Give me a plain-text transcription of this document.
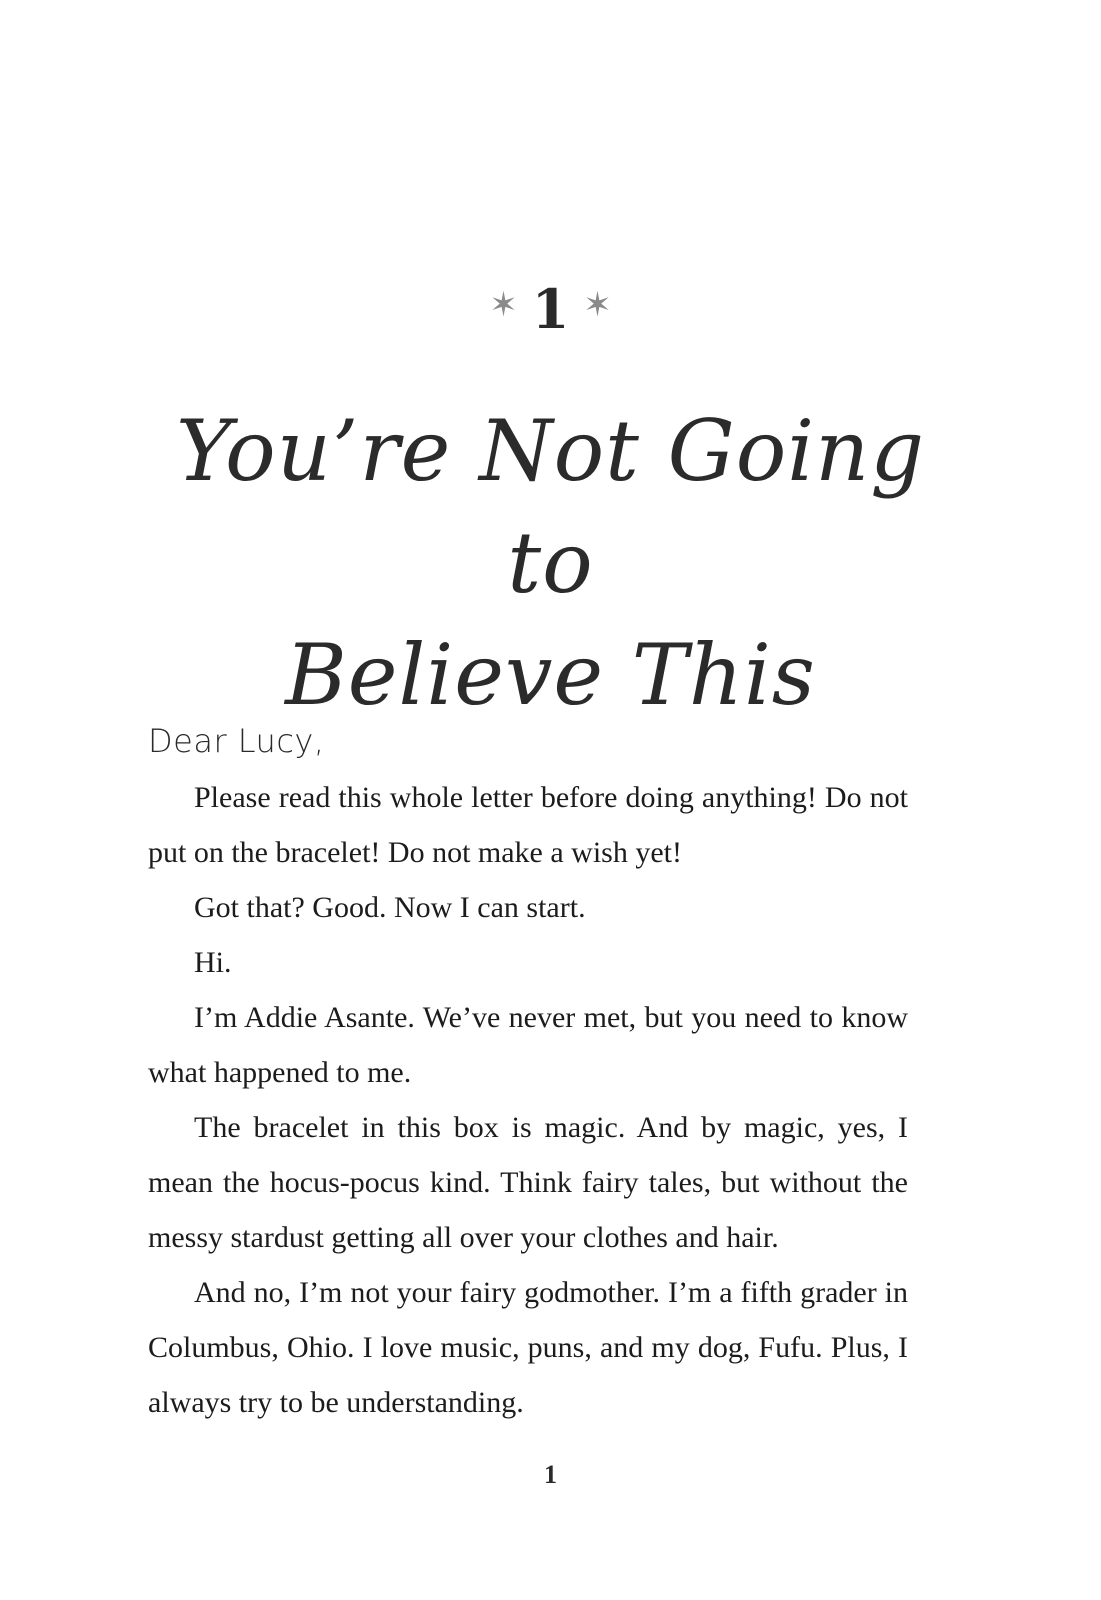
✶ 1 ✶
You’re Not Going to
Believe This
Dear Lucy,

Please read this whole letter before doing anything! Do not put on the bracelet! Do not make a wish yet!

Got that? Good. Now I can start.

Hi.

I’m Addie Asante. We’ve never met, but you need to know what happened to me.

The bracelet in this box is magic. And by magic, yes, I mean the hocus-pocus kind. Think fairy tales, but without the messy stardust getting all over your clothes and hair.

And no, I’m not your fairy godmother. I’m a fifth grader in Columbus, Ohio. I love music, puns, and my dog, Fufu. Plus, I always try to be understanding.

1
